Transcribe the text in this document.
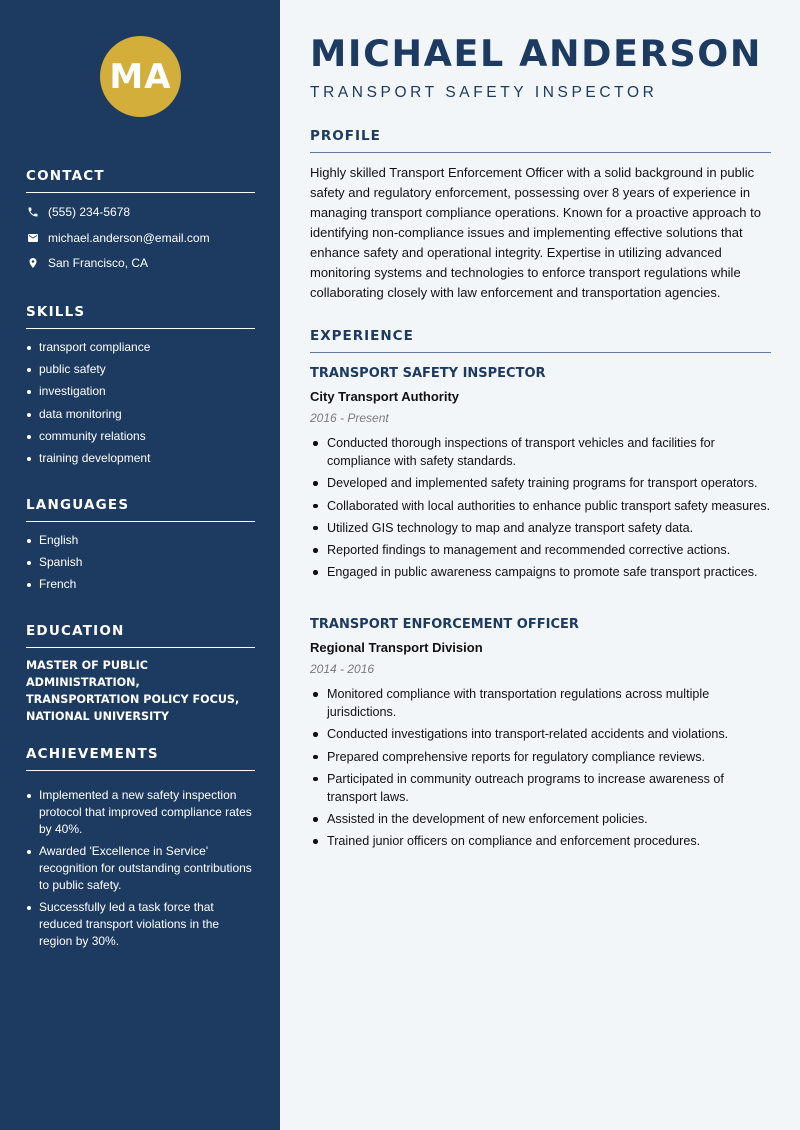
MA
CONTACT
(555) 234-5678
michael.anderson@email.com
San Francisco, CA
SKILLS
transport compliance
public safety
investigation
data monitoring
community relations
training development
LANGUAGES
English
Spanish
French
EDUCATION
MASTER OF PUBLIC ADMINISTRATION,
TRANSPORTATION POLICY FOCUS,
NATIONAL UNIVERSITY
ACHIEVEMENTS
Implemented a new safety inspection protocol that improved compliance rates by 40%.
Awarded 'Excellence in Service' recognition for outstanding contributions to public safety.
Successfully led a task force that reduced transport violations in the region by 30%.
MICHAEL ANDERSON
TRANSPORT SAFETY INSPECTOR
PROFILE
Highly skilled Transport Enforcement Officer with a solid background in public safety and regulatory enforcement, possessing over 8 years of experience in managing transport compliance operations. Known for a proactive approach to identifying non-compliance issues and implementing effective solutions that enhance safety and operational integrity. Expertise in utilizing advanced monitoring systems and technologies to enforce transport regulations while collaborating closely with law enforcement and transportation agencies.
EXPERIENCE
TRANSPORT SAFETY INSPECTOR
City Transport Authority
2016 - Present
Conducted thorough inspections of transport vehicles and facilities for compliance with safety standards.
Developed and implemented safety training programs for transport operators.
Collaborated with local authorities to enhance public transport safety measures.
Utilized GIS technology to map and analyze transport safety data.
Reported findings to management and recommended corrective actions.
Engaged in public awareness campaigns to promote safe transport practices.
TRANSPORT ENFORCEMENT OFFICER
Regional Transport Division
2014 - 2016
Monitored compliance with transportation regulations across multiple jurisdictions.
Conducted investigations into transport-related accidents and violations.
Prepared comprehensive reports for regulatory compliance reviews.
Participated in community outreach programs to increase awareness of transport laws.
Assisted in the development of new enforcement policies.
Trained junior officers on compliance and enforcement procedures.
